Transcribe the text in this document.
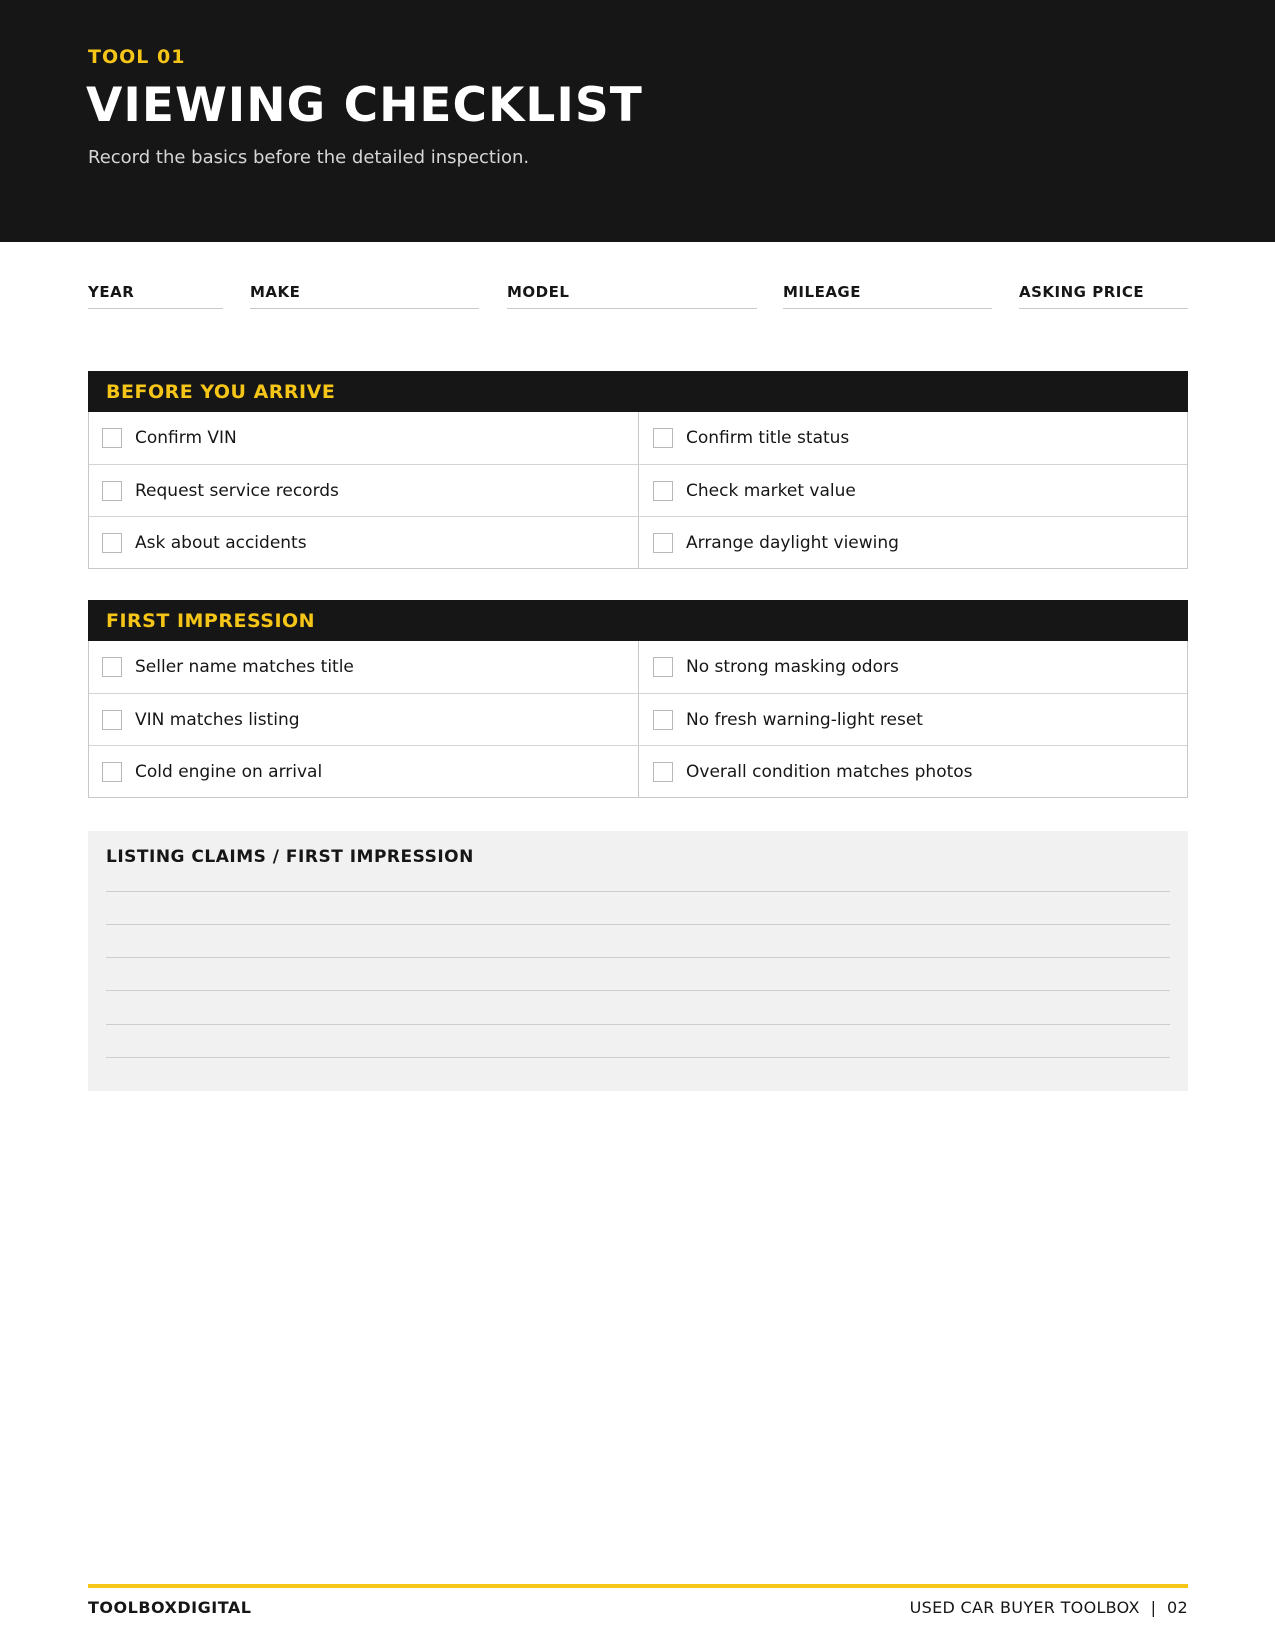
TOOL 01
VIEWING CHECKLIST
Record the basics before the detailed inspection.
YEAR	MAKE	MODEL	MILEAGE	ASKING PRICE
BEFORE YOU ARRIVE
Confirm VIN	Confirm title status
Request service records	Check market value
Ask about accidents	Arrange daylight viewing
FIRST IMPRESSION
Seller name matches title	No strong masking odors
VIN matches listing	No fresh warning-light reset
Cold engine on arrival	Overall condition matches photos
LISTING CLAIMS / FIRST IMPRESSION
TOOLBOXDIGITAL	USED CAR BUYER TOOLBOX  |  02
